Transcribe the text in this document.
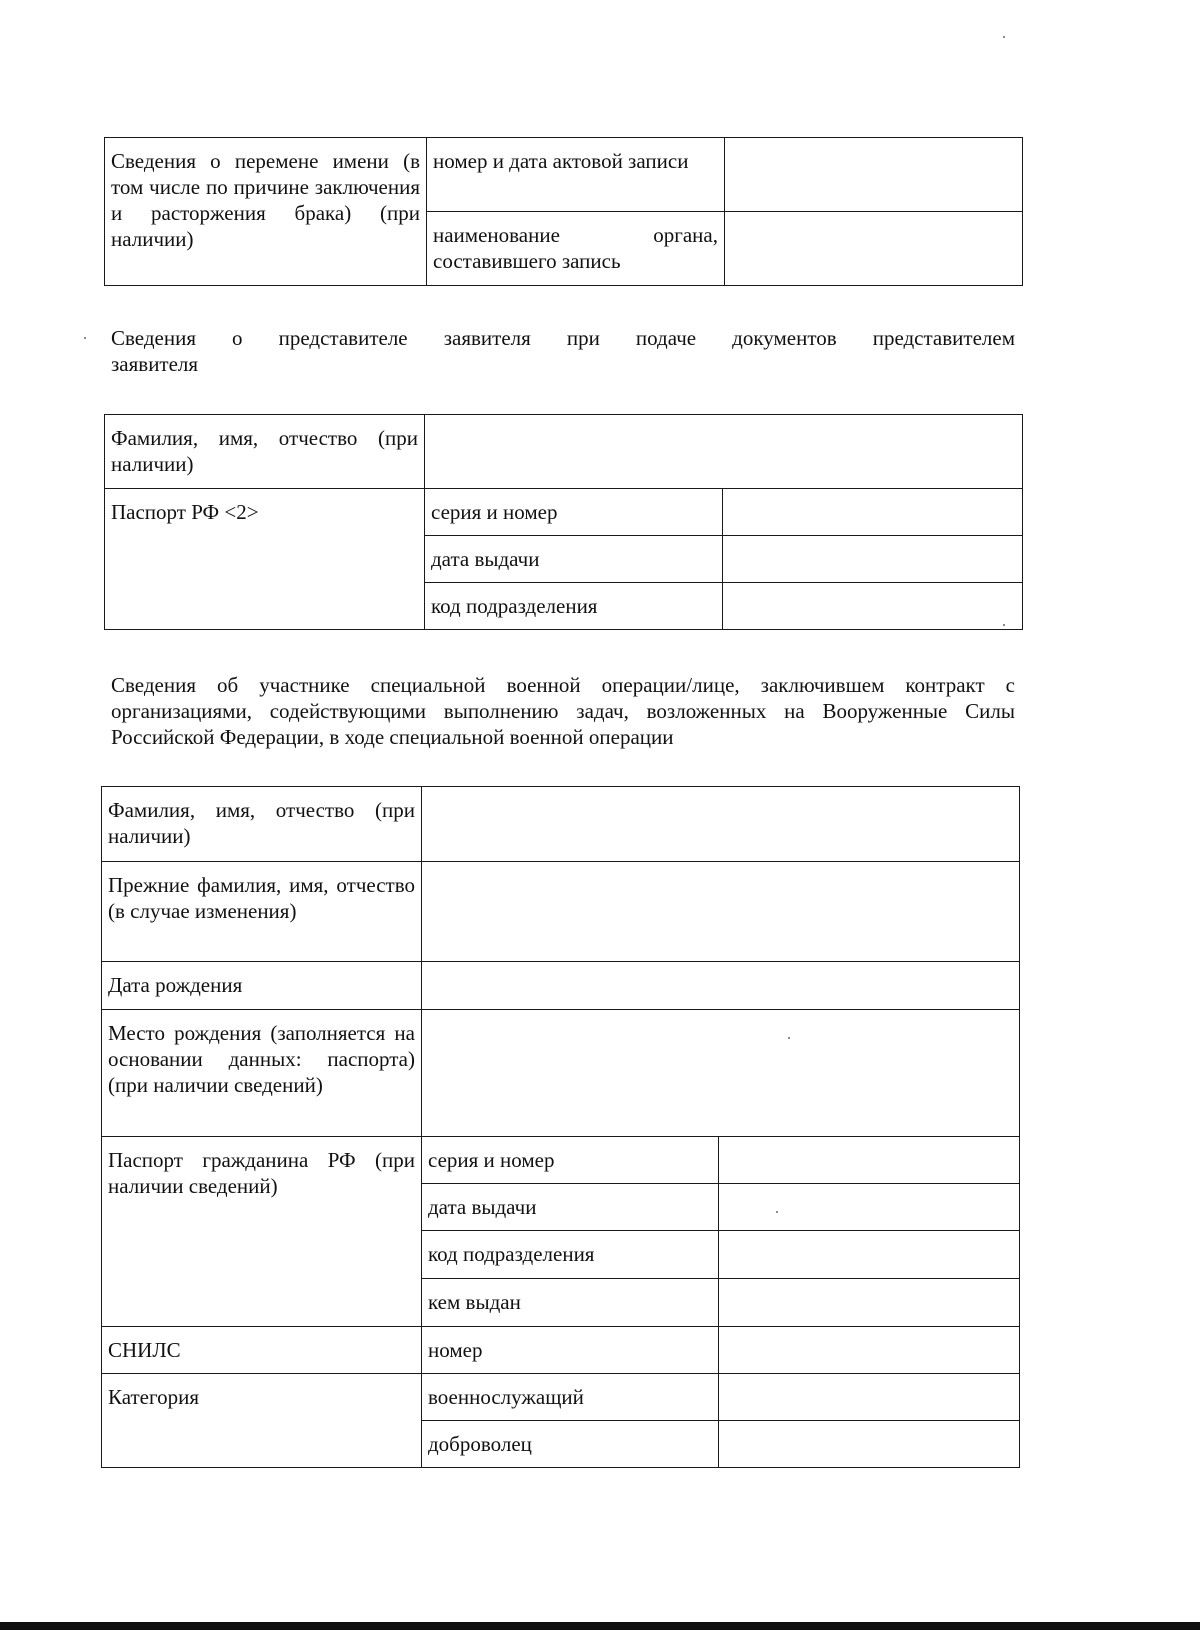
Сведения о перемене имени (в том числе по причине заключения и расторжения брака) (при наличии)	номер и дата актовой записи	
	наименование органа, составившего запись	
Сведения о представителе заявителя при подаче документов представителем
заявителя
Фамилия, имя, отчество (при наличии)		
Паспорт РФ <2>	серия и номер	
	дата выдачи	
	код подразделения	
Сведения об участнике специальной военной операции/лице, заключившем контракт с организациями, содействующими выполнению задач, возложенных на Вооруженные Силы Российской Федерации, в ходе специальной военной операции
Фамилия, имя, отчество (при наличии)		
Прежние фамилия, имя, отчество (в случае изменения)		
Дата рождения		
Место рождения (заполняется на основании данных: паспорта) (при наличии сведений)		
Паспорт гражданина РФ (при наличии сведений)	серия и номер	
	дата выдачи	
	код подразделения	
	кем выдан	
СНИЛС	номер	
Категория	военнослужащий	
	доброволец	
